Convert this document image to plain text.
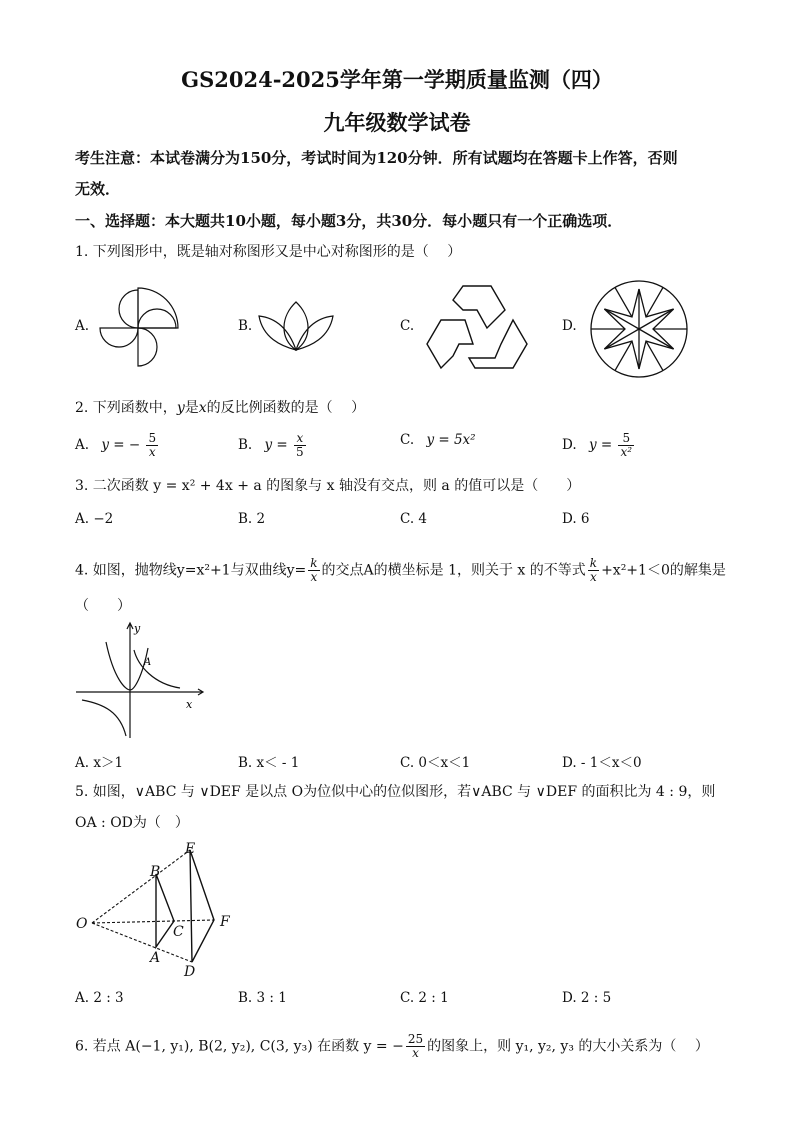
GS2024-2025学年第一学期质量监测（四）
九年级数学试卷
考生注意：本试卷满分为150分，考试时间为120分钟．所有试题均在答题卡上作答，否则
无效．
一、选择题：本大题共10小题，每小题3分，共30分．每小题只有一个正确选项．
1. 下列图形中，既是轴对称图形又是中心对称图形的是（　 ）
A.	B.	C.	D.
2. 下列函数中，y是x的反比例函数的是（　 ）
A. y = − $\frac{5}{x}$	B. $y = \frac{x}{5}$	C. y = 5x²	D. $y = \frac{5}{\text{x²}}$
3. 二次函数 y = x² + 4x + a 的图象与 x 轴没有交点，则 a 的值可以是（　　）
A. −2	B. 2	C. 4	D. 6
4. 如图，抛物线y=x²+1与双曲线$y= \frac{k}{x}$ 的交点A的横坐标是 1，则关于 x 的不等式 $\frac{k}{x} +x^2+1<0$的解集是
（　　）
y
x
A
A. x＞1	B. x＜ - 1	C. 0＜x＜1	D. - 1＜x＜0
5. 如图，∨ABC 与 ∨DEF 是以点 O为位似中心的位似图形，若∨ABC 与 ∨DEF 的面积比为 4 : 9，则
OA : OD为（　）
O
A
B
C
D
E
F
A. 2 : 3	B. 3 : 1	C. 2 : 1	D. 2 : 5
6. 若点 A(−1, y₁), B(2, y₂), C(3, y₃) 在函数 y = − $\frac{25}{x}$ 的图象上，则 y₁, y₂, y₃ 的大小关系为（　 ）
